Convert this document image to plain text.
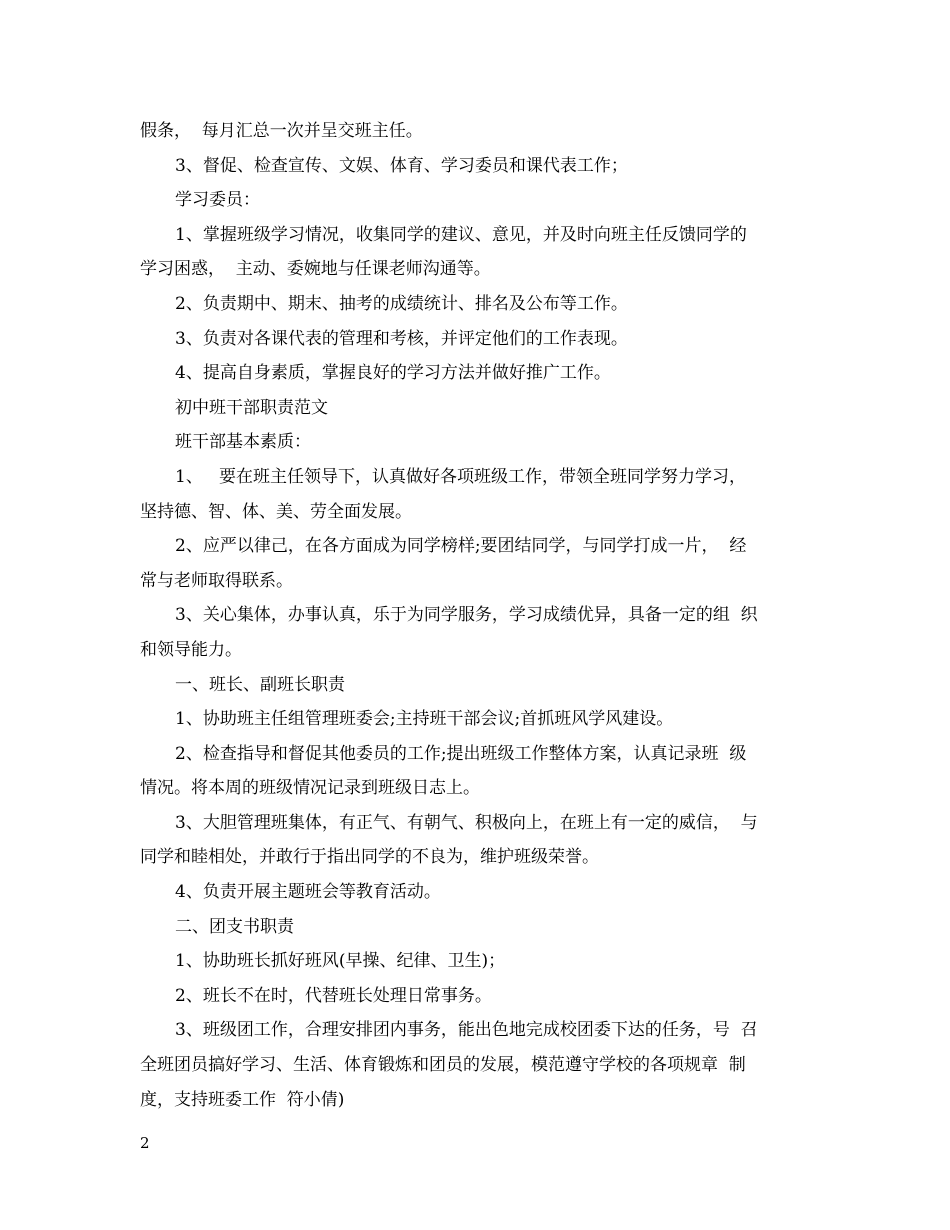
假条，  每月汇总一次并呈交班主任。

3、督促、检查宣传、文娱、体育、学习委员和课代表工作；

学习委员：

1、掌握班级学习情况，收集同学的建议、意见，并及时向班主任反馈同学的

学习困惑，  主动、委婉地与任课老师沟通等。

2、负责期中、期末、抽考的成绩统计、排名及公布等工作。

3、负责对各课代表的管理和考核，并评定他们的工作表现。

4、提高自身素质，掌握良好的学习方法并做好推广工作。

初中班干部职责范文

班干部基本素质：

1、   要在班主任领导下，认真做好各项班级工作，带领全班同学努力学习，

坚持德、智、体、美、劳全面发展。

2、应严以律己，在各方面成为同学榜样;要团结同学，与同学打成一片，  经

常与老师取得联系。

3、关心集体，办事认真，乐于为同学服务，学习成绩优异，具备一定的组  织

和领导能力。

一、班长、副班长职责

1、协助班主任组管理班委会;主持班干部会议;首抓班风学风建设。

2、检查指导和督促其他委员的工作;提出班级工作整体方案，认真记录班  级

情况。将本周的班级情况记录到班级日志上。

3、大胆管理班集体，有正气、有朝气、积极向上，在班上有一定的威信，  与

同学和睦相处，并敢行于指出同学的不良为，维护班级荣誉。

4、负责开展主题班会等教育活动。

二、团支书职责

1、协助班长抓好班风(早操、纪律、卫生)；

2、班长不在时，代替班长处理日常事务。

3、班级团工作，合理安排团内事务，能出色地完成校团委下达的任务，号  召

全班团员搞好学习、生活、体育锻炼和团员的发展，模范遵守学校的各项规章  制

度，支持班委工作  符小倩)

2
